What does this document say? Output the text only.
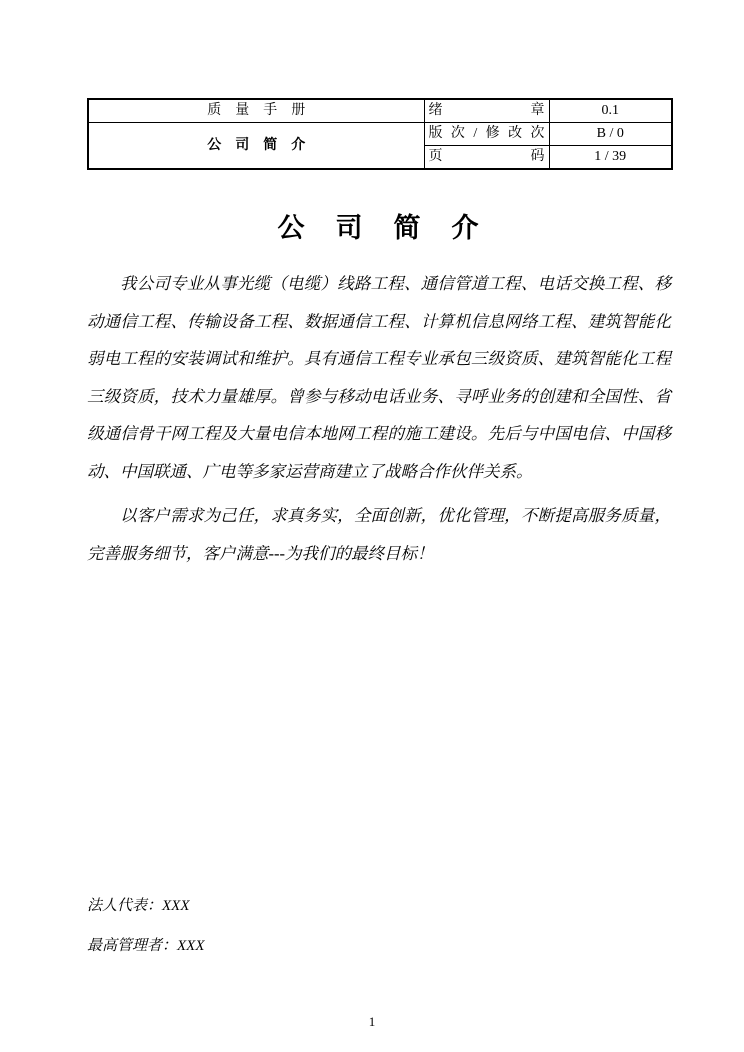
质　量　手　册	绪章	0.1
公　司　简　介	版次/修改次	B / 0
	页码	1 / 39
公　司　简　介

我公司专业从事光缆（电缆）线路工程、通信管道工程、电话交换工程、移动通信工程、传输设备工程、数据通信工程、计算机信息网络工程、建筑智能化弱电工程的安装调试和维护。具有通信工程专业承包三级资质、建筑智能化工程三级资质，技术力量雄厚。曾参与移动电话业务、寻呼业务的创建和全国性、省级通信骨干网工程及大量电信本地网工程的施工建设。先后与中国电信、中国移动、中国联通、广电等多家运营商建立了战略合作伙伴关系。

以客户需求为己任，求真务实，全面创新，优化管理，不断提高服务质量，完善服务细节，客户满意---为我们的最终目标！

法人代表：XXX

最高管理者：XXX

1
